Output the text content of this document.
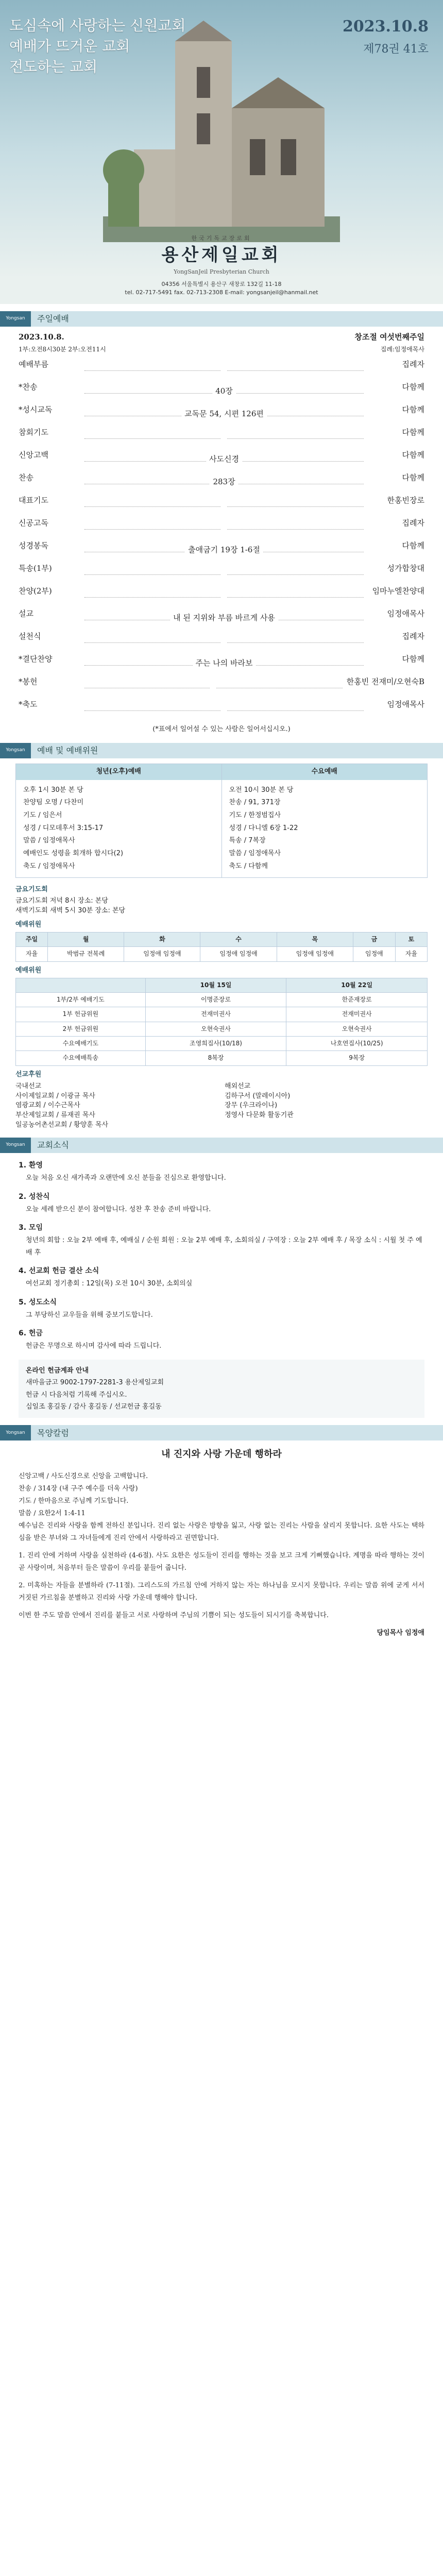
도심속에 사랑하는 신원교회
예배가 뜨거운 교회
전도하는 교회
2023.10.8
제78권 41호
한국기독교장로회
용산제일교회
YongSanJeil Presbyterian Church
04356 서울특별시 용산구 새창로 132길 11-18
tel. 02-717-5491 fax. 02-713-2308 E-mail: yongsanjeil@hanmail.net
Yongsan	주일예배
2023.10.8.	창조절 여섯번째주일
1부:오전8시30분 2부:오전11시	집례:임정애목사
예배부름	집례자
*찬송	40장	다함께
*성시교독	교독문 54, 시편 126편	다함께
참회기도	다함께
신앙고백	사도신경	다함께
찬송	283장	다함께
대표기도	한홍빈장로
신공고독	집례자
성경봉독	출애굽기 19장 1-6절	다함께
특송(1부)	성가합창대
찬양(2부)	임마누엘찬양대
설교	내 된 지위와 부름 바르게 사용	임정애목사
설천식	집례자
*결단찬양	주는 나의 바라보	다함께
*봉헌	한홍빈 전재미/오현숙B
*축도	임정애목사
(*표에서 일어설 수 있는 사람은 일어서십시오.)
Yongsan	예배 및 예배위원
청년(오후)예배
오후 1시 30분 본 당
찬양팀 오명 / 다찬미
기도 / 임은서
성경 / 디모데후서 3:15-17
말씀 / 임정애목사
예배인도 성령을 회개하 합시다(2)
축도 / 임정애목사
수요예배
오전 10시 30분 본 당
찬송 / 91, 371장
기도 / 한정범집사
성경 / 다니엘 6장 1-22
특송 / 7복장
말씀 / 임정애목사
축도 / 다함께
금요기도회
금요기도회 저녁 8시 장소: 본당
새벽기도회 새벽 5시 30분 장소: 본당
예배위원
주일	월	화	수	목	금	토
자율	박범규 전복례	임정애 임정애	임정애 임정애	임정애 임정애	임정애	자율
예배위원
	10월 15일	10월 22일
1부/2부 예배기도	이명준장로	한준재장로
1부 헌금위원	전재미권사	전재미권사
2부 헌금위원	오현숙권사	오현숙권사
수요예배기도	조영희집사(10/18)	나호연집사(10/25)
수요예배특송	8복장	9복장
선교후원
국내선교
사이제일교회 / 이광규 목사
염광교회 / 이수근목사
부산제일교회 / 류재권 목사
일공농어촌선교회 / 황양훈 목사
해외선교
김하구서 (말레이시아)
장무 (우크라이나)
정영사 다문화 활동기관
Yongsan	교회소식
1. 환영

오늘 처음 오신 새가족과 오랜만에 오신 분들을 진심으로 환영합니다.

2. 성찬식

오늘 세례 받으신 분이 참여합니다. 성찬 후 찬송 준비 바랍니다.

3. 모임

청년의 회합 : 오늘 2부 예배 후, 예배실 / 순원 회원 : 오늘 2부 예배 후, 소회의실 / 구역장 : 오늘 2부 예배 후 / 목장 소식 : 시월 첫 주 예배 후

4. 선교회 헌금 결산 소식

여선교회 정기총회 : 12일(목) 오전 10시 30분, 소회의실

5. 성도소식

그 부당하신 교우들을 위해 중보기도합니다.

6. 헌금

헌금은 무명으로 하시며 감사에 따라 드립니다.

온라인 헌금계좌 안내
새마을금고 9002-1797-2281-3 용산제일교회
헌금 시 다음처럼 기록해 주십시오.
십일조 홍길동 / 감사 홍길동 / 선교헌금 홍길동
Yongsan	목양칼럼
내 진지와 사랑 가운데 행하라
신앙고백 / 사도신경으로 신앙을 고백합니다.
찬송 / 314장 (내 구주 예수를 더욱 사랑)
기도 / 한마음으로 주님께 기도합니다.
말씀 / 요한2서 1:4-11

예수님은 진리와 사랑을 함께 전하신 분입니다. 진리 없는 사랑은 방향을 잃고, 사랑 없는 진리는 사람을 살리지 못합니다. 요한 사도는 택하심을 받은 부녀와 그 자녀들에게 진리 안에서 사랑하라고 권면합니다.

1. 진리 안에 거하며 사랑을 실천하라 (4-6절). 사도 요한은 성도들이 진리를 행하는 것을 보고 크게 기뻐했습니다. 계명을 따라 행하는 것이 곧 사랑이며, 처음부터 들은 말씀이 우리를 붙들어 줍니다.

2. 미혹하는 자들을 분별하라 (7-11절). 그리스도의 가르침 안에 거하지 않는 자는 하나님을 모시지 못합니다. 우리는 말씀 위에 굳게 서서 거짓된 가르침을 분별하고 진리와 사랑 가운데 행해야 합니다.

이번 한 주도 말씀 안에서 진리를 붙들고 서로 사랑하며 주님의 기쁨이 되는 성도들이 되시기를 축복합니다.

당임목사 임정애
